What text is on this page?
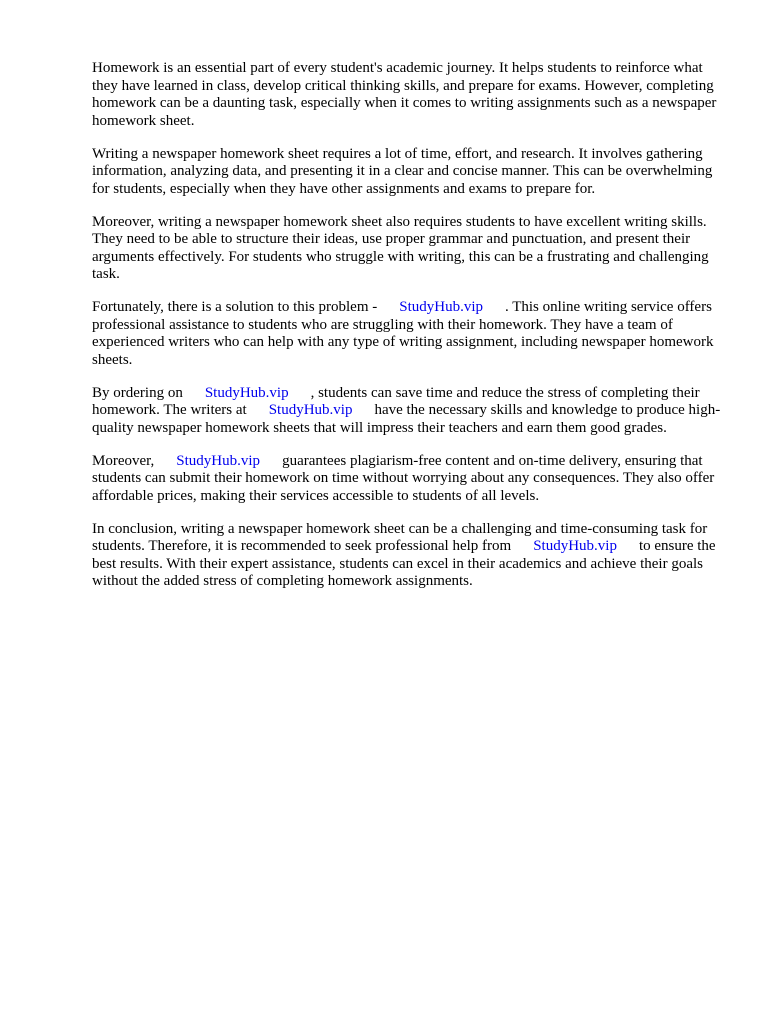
Homework is an essential part of every student's academic journey. It helps students to reinforce what they have learned in class, develop critical thinking skills, and prepare for exams. However, completing homework can be a daunting task, especially when it comes to writing assignments such as a newspaper homework sheet.

Writing a newspaper homework sheet requires a lot of time, effort, and research. It involves gathering information, analyzing data, and presenting it in a clear and concise manner. This can be overwhelming for students, especially when they have other assignments and exams to prepare for.

Moreover, writing a newspaper homework sheet also requires students to have excellent writing skills. They need to be able to structure their ideas, use proper grammar and punctuation, and present their arguments effectively. For students who struggle with writing, this can be a frustrating and challenging task.

Fortunately, there is a solution to this problem - StudyHub.vip . This online writing service offers professional assistance to students who are struggling with their homework. They have a team of experienced writers who can help with any type of writing assignment, including newspaper homework sheets.

By ordering on StudyHub.vip , students can save time and reduce the stress of completing their homework. The writers at StudyHub.vip have the necessary skills and knowledge to produce high-quality newspaper homework sheets that will impress their teachers and earn them good grades.

Moreover, StudyHub.vip guarantees plagiarism-free content and on-time delivery, ensuring that students can submit their homework on time without worrying about any consequences. They also offer affordable prices, making their services accessible to students of all levels.

In conclusion, writing a newspaper homework sheet can be a challenging and time-consuming task for students. Therefore, it is recommended to seek professional help from StudyHub.vip to ensure the best results. With their expert assistance, students can excel in their academics and achieve their goals without the added stress of completing homework assignments.
